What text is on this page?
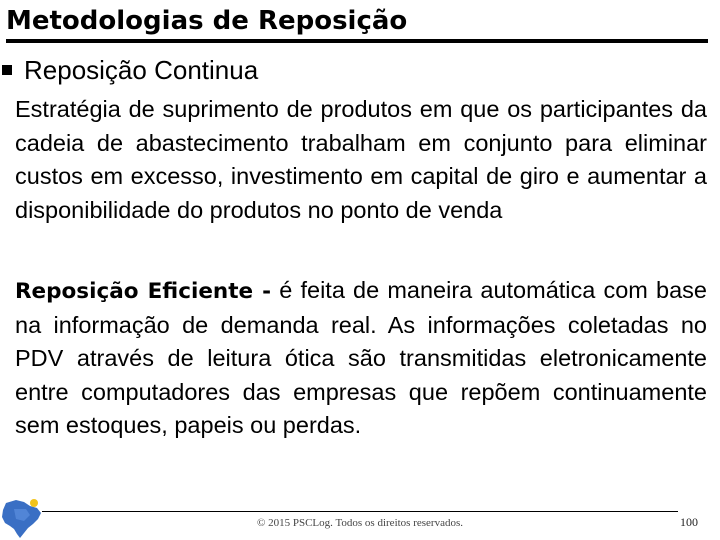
Metodologias de Reposição
Reposição Continua

Estratégia de suprimento de produtos em que os participantes da cadeia de abastecimento trabalham em conjunto para eliminar custos em excesso, investimento em capital de giro e aumentar a disponibilidade do produtos no ponto de venda

Reposição Eficiente - é feita de maneira automática com base na informação de demanda real. As informações coletadas no PDV através de leitura ótica são transmitidas eletronicamente entre computadores das empresas que repõem continuamente sem estoques, papeis ou perdas.

© 2015 PSCLog. Todos os direitos reservados.	100
